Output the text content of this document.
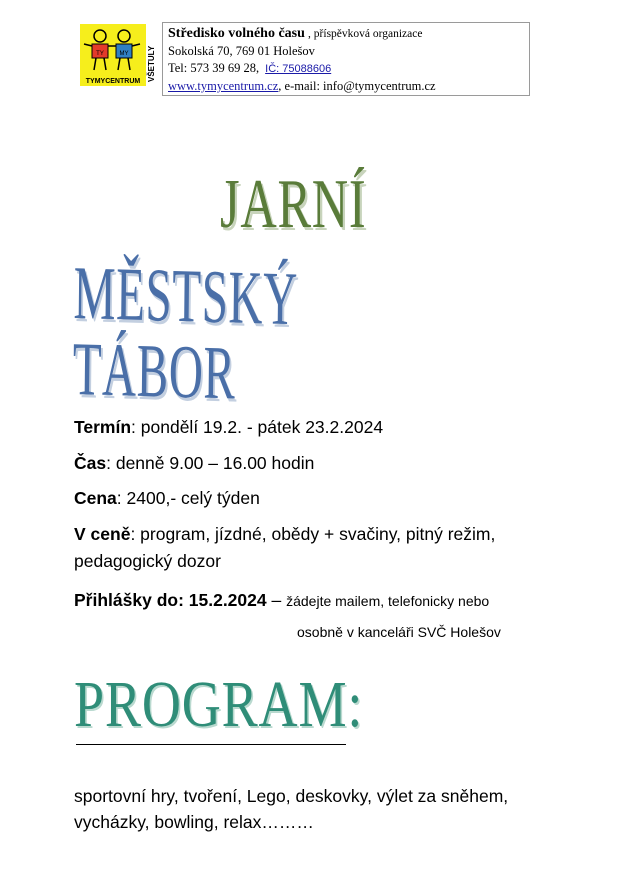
TY	MY
TYMYCENTRUM VŠETULY
Středisko volného času , příspěvková organizace
Sokolská 70, 769 01 Holešov
Tel: 573 39 69 28, IČ: 75088606
www.tymycentrum.cz, e-mail: info@tymycentrum.cz
JARNÍ
MĚSTSKÝ TÁBOR
Termín: pondělí 19.2. - pátek 23.2.2024
Čas: denně 9.00 – 16.00 hodin
Cena: 2400,- celý týden
V ceně: program, jízdné, obědy + svačiny, pitný režim,
pedagogický dozor
Přihlášky do: 15.2.2024 – žádejte mailem, telefonicky nebo
osobně v kanceláři SVČ Holešov
PROGRAM:
sportovní hry, tvoření, Lego, deskovky, výlet za sněhem, vycházky, bowling, relax………
